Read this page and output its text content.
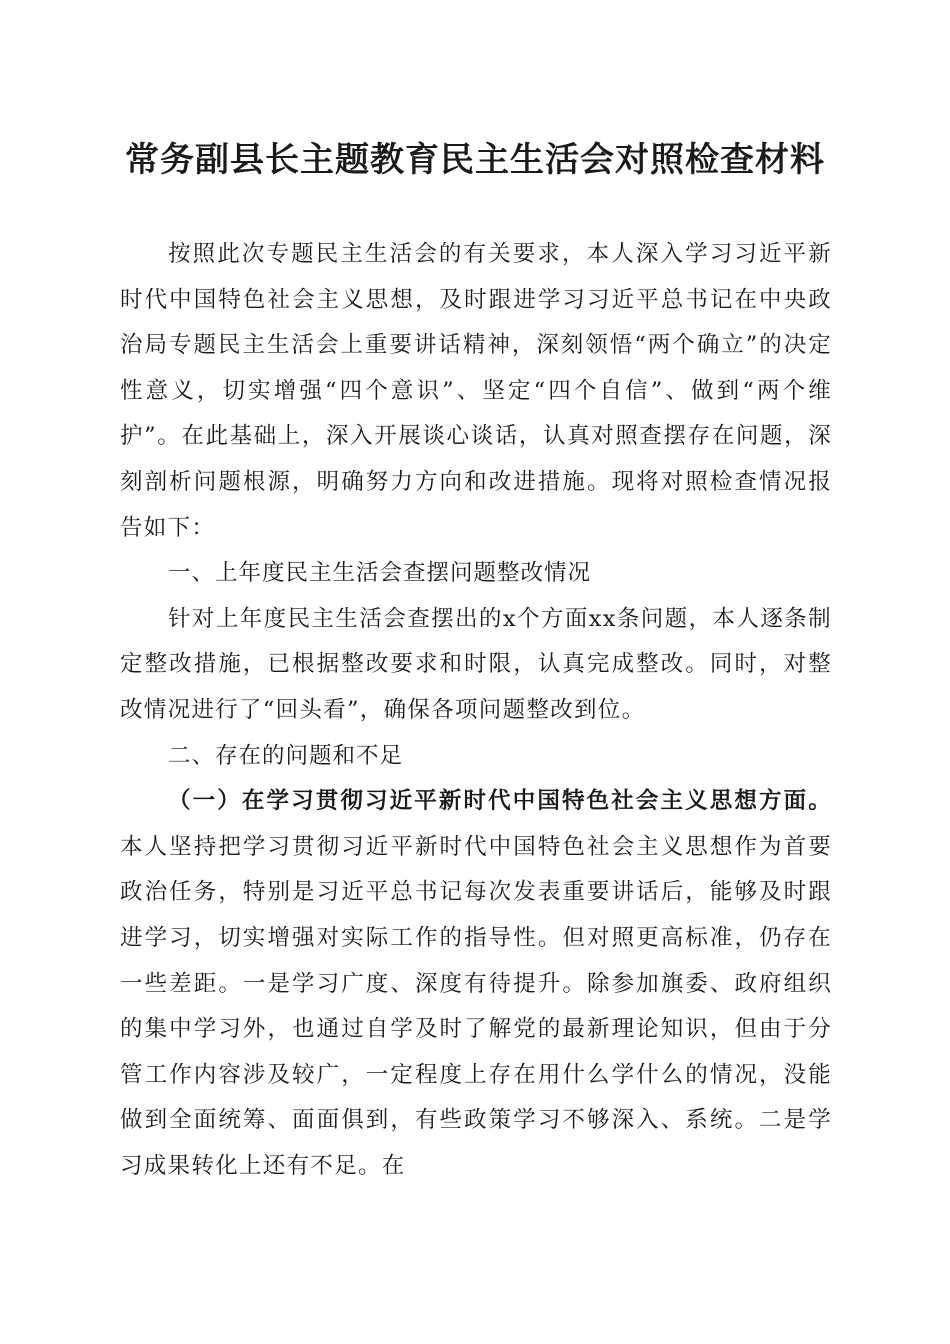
常务副县长主题教育民主生活会对照检查材料

按照此次专题民主生活会的有关要求，本人深入学习习近平新时代中国特色社会主义思想，及时跟进学习习近平总书记在中央政治局专题民主生活会上重要讲话精神，深刻领悟“两个确立”的决定性意义，切实增强“四个意识”、坚定“四个自信”、做到“两个维护”。在此基础上，深入开展谈心谈话，认真对照查摆存在问题，深刻剖析问题根源，明确努力方向和改进措施。现将对照检查情况报告如下：

一、上年度民主生活会查摆问题整改情况

针对上年度民主生活会查摆出的x个方面xx条问题，本人逐条制定整改措施，已根据整改要求和时限，认真完成整改。同时，对整改情况进行了“回头看”，确保各项问题整改到位。

二、存在的问题和不足

（一）在学习贯彻习近平新时代中国特色社会主义思想方面。本人坚持把学习贯彻习近平新时代中国特色社会主义思想作为首要政治任务，特别是习近平总书记每次发表重要讲话后，能够及时跟进学习，切实增强对实际工作的指导性。但对照更高标准，仍存在一些差距。一是学习广度、深度有待提升。除参加旗委、政府组织的集中学习外，也通过自学及时了解党的最新理论知识，但由于分管工作内容涉及较广，一定程度上存在用什么学什么的情况，没能做到全面统筹、面面俱到，有些政策学习不够深入、系统。二是学习成果转化上还有不足。在
